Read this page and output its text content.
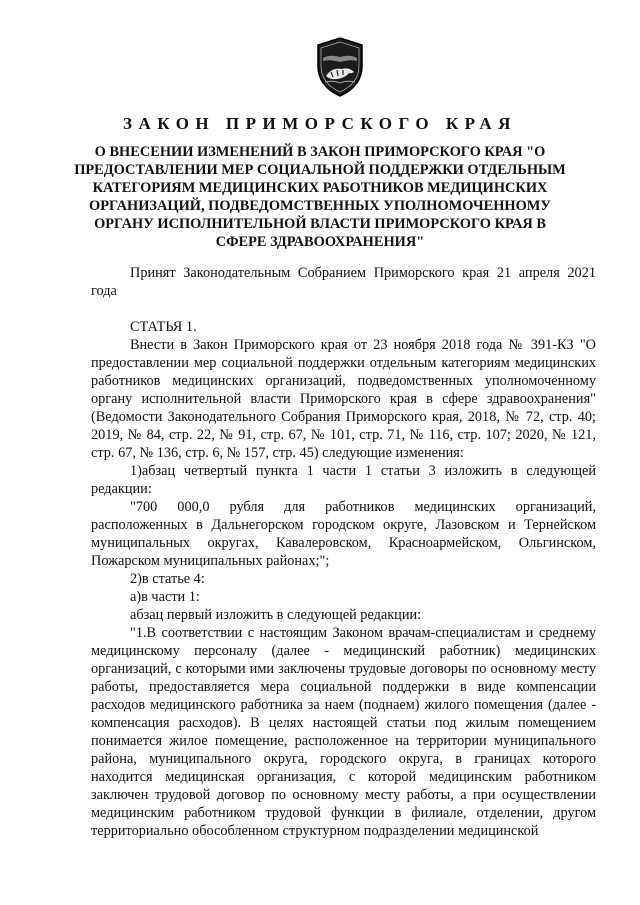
ЗАКОН ПРИМОРСКОГО КРАЯ
О ВНЕСЕНИИ ИЗМЕНЕНИЙ В ЗАКОН ПРИМОРСКОГО КРАЯ "О ПРЕДОСТАВЛЕНИИ МЕР СОЦИАЛЬНОЙ ПОДДЕРЖКИ ОТДЕЛЬНЫМ КАТЕГОРИЯМ МЕДИЦИНСКИХ РАБОТНИКОВ МЕДИЦИНСКИХ ОРГАНИЗАЦИЙ, ПОДВЕДОМСТВЕННЫХ УПОЛНОМОЧЕННОМУ ОРГАНУ ИСПОЛНИТЕЛЬНОЙ ВЛАСТИ ПРИМОРСКОГО КРАЯ В СФЕРЕ ЗДРАВООХРАНЕНИЯ"

Принят Законодательным Собранием Приморского края 21 апреля 2021 года

СТАТЬЯ 1.

Внести в Закон Приморского края от 23 ноября 2018 года № 391-КЗ "О предоставлении мер социальной поддержки отдельным категориям медицинских работников медицинских организаций, подведомственных уполномоченному органу исполнительной власти Приморского края в сфере здравоохранения" (Ведомости Законодательного Собрания Приморского края, 2018, № 72, стр. 40; 2019, № 84, стр. 22, № 91, стр. 67, № 101, стр. 71, № 116, стр. 107; 2020, № 121, стр. 67, № 136, стр. 6, № 157, стр. 45) следующие изменения:

1)абзац четвертый пункта 1 части 1 статьи 3 изложить в следующей редакции:

"700 000,0 рубля для работников медицинских организаций, расположенных в Дальнегорском городском округе, Лазовском и Тернейском муниципальных округах, Кавалеровском, Красноармейском, Ольгинском, Пожарском муниципальных районах;";

2)в статье 4:

а)в части 1:

абзац первый изложить в следующей редакции:

"1.В соответствии с настоящим Законом врачам-специалистам и среднему медицинскому персоналу (далее - медицинский работник) медицинских организаций, с которыми ими заключены трудовые договоры по основному месту работы, предоставляется мера социальной поддержки в виде компенсации расходов медицинского работника за наем (поднаем) жилого помещения (далее - компенсация расходов). В целях настоящей статьи под жилым помещением понимается жилое помещение, расположенное на территории муниципального района, муниципального округа, городского округа, в границах которого находится медицинская организация, с которой медицинским работником заключен трудовой договор по основному месту работы, а при осуществлении медицинским работником трудовой функции в филиале, отделении, другом территориально обособленном структурном подразделении медицинской
